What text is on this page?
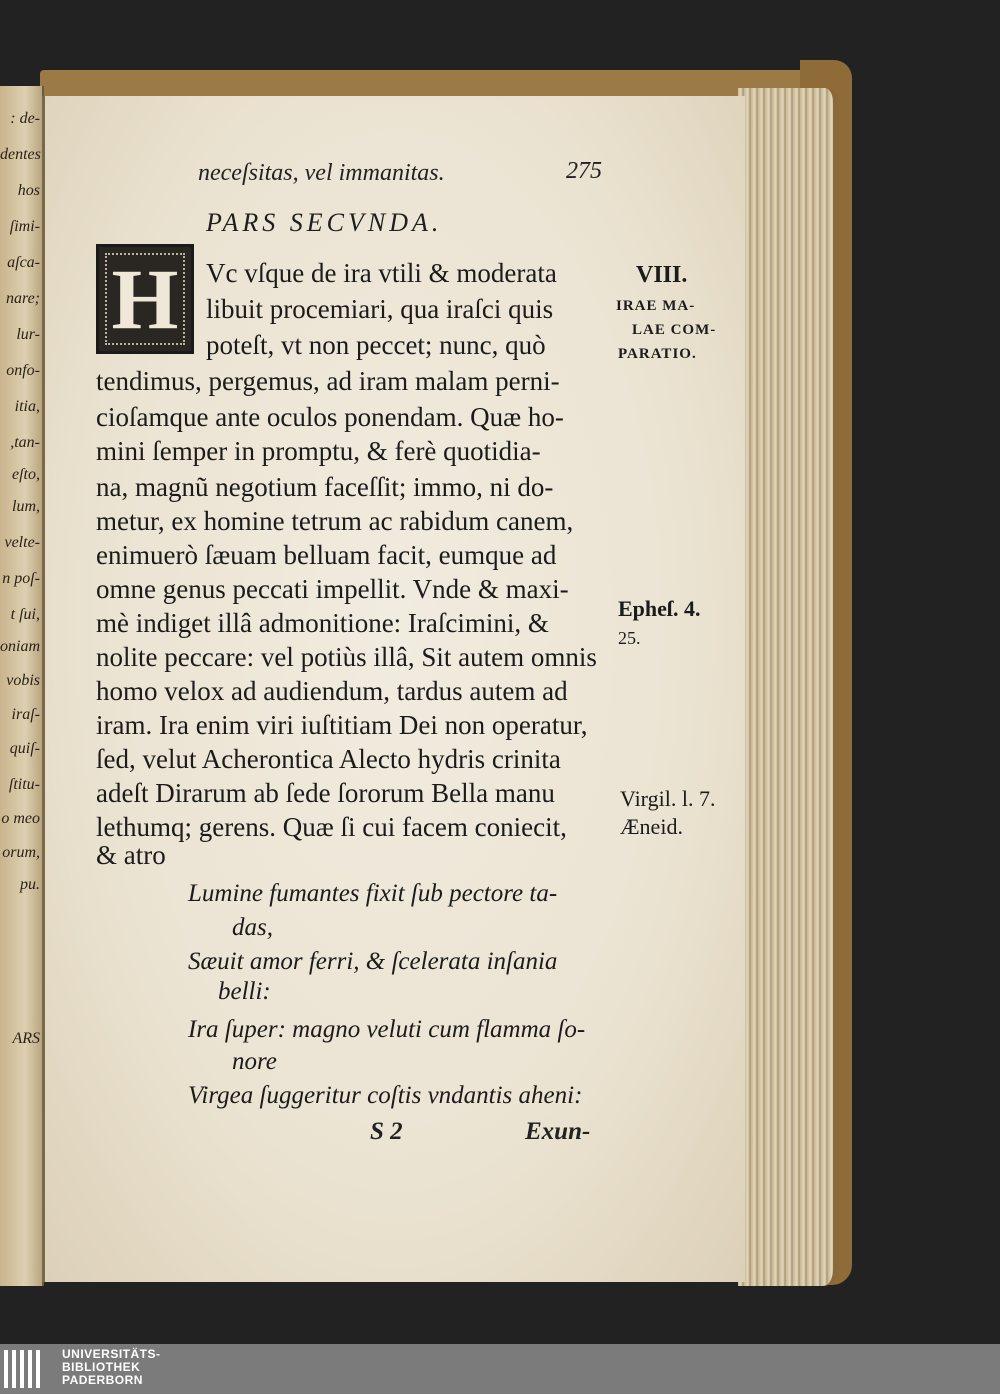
: de-
dentes
hos
ſimi-
aſca-
nare;
lur-
onfo-
itia,
,tan-
eſto,
lum,
velte-
n poſ-
t ſui,
oniam
vobis
iraſ-
quiſ-
ſtitu-
o meo
orum,
pu.
ARS
neceſsitas, vel immanitas.	275
PARS SECVNDA.
H Vc vſque de ira vtili & moderata
libuit procemiari, qua iraſci quis
poteſt, vt non peccet; nunc, quò
tendimus, pergemus, ad iram malam perni-
cioſamque ante oculos ponendam. Quæ ho-
mini ſemper in promptu, & ferè quotidia-
na, magnũ negotium faceſſit; immo, ni do-
metur, ex homine tetrum ac rabidum canem,
enimuerò ſæuam belluam facit, eumque ad
omne genus peccati impellit. Vnde & maxi-
mè indiget illâ admonitione: Iraſcimini, &
nolite peccare: vel potiùs illâ, Sit autem omnis
homo velox ad audiendum, tardus autem ad
iram. Ira enim viri iuſtitiam Dei non operatur,
ſed, velut Acherontica Alecto hydris crinita
adeſt Dirarum ab ſede ſororum Bella manu
lethumq; gerens. Quæ ſi cui facem coniecit,
& atro
Lumine fumantes fixit ſub pectore ta-
das,
Sæuit amor ferri, & ſcelerata inſania
belli:
Ira ſuper: magno veluti cum flamma ſo-
nore
Virgea ſuggeritur coſtis vndantis aheni:
VIII.
IRAE MA-
LAE COM-
PARATIO.
Epheſ. 4.
25.
Virgil. l. 7.
Æneid.
S 2	Exun-
UNIVERSITÄTS-
BIBLIOTHEK
PADERBORN
